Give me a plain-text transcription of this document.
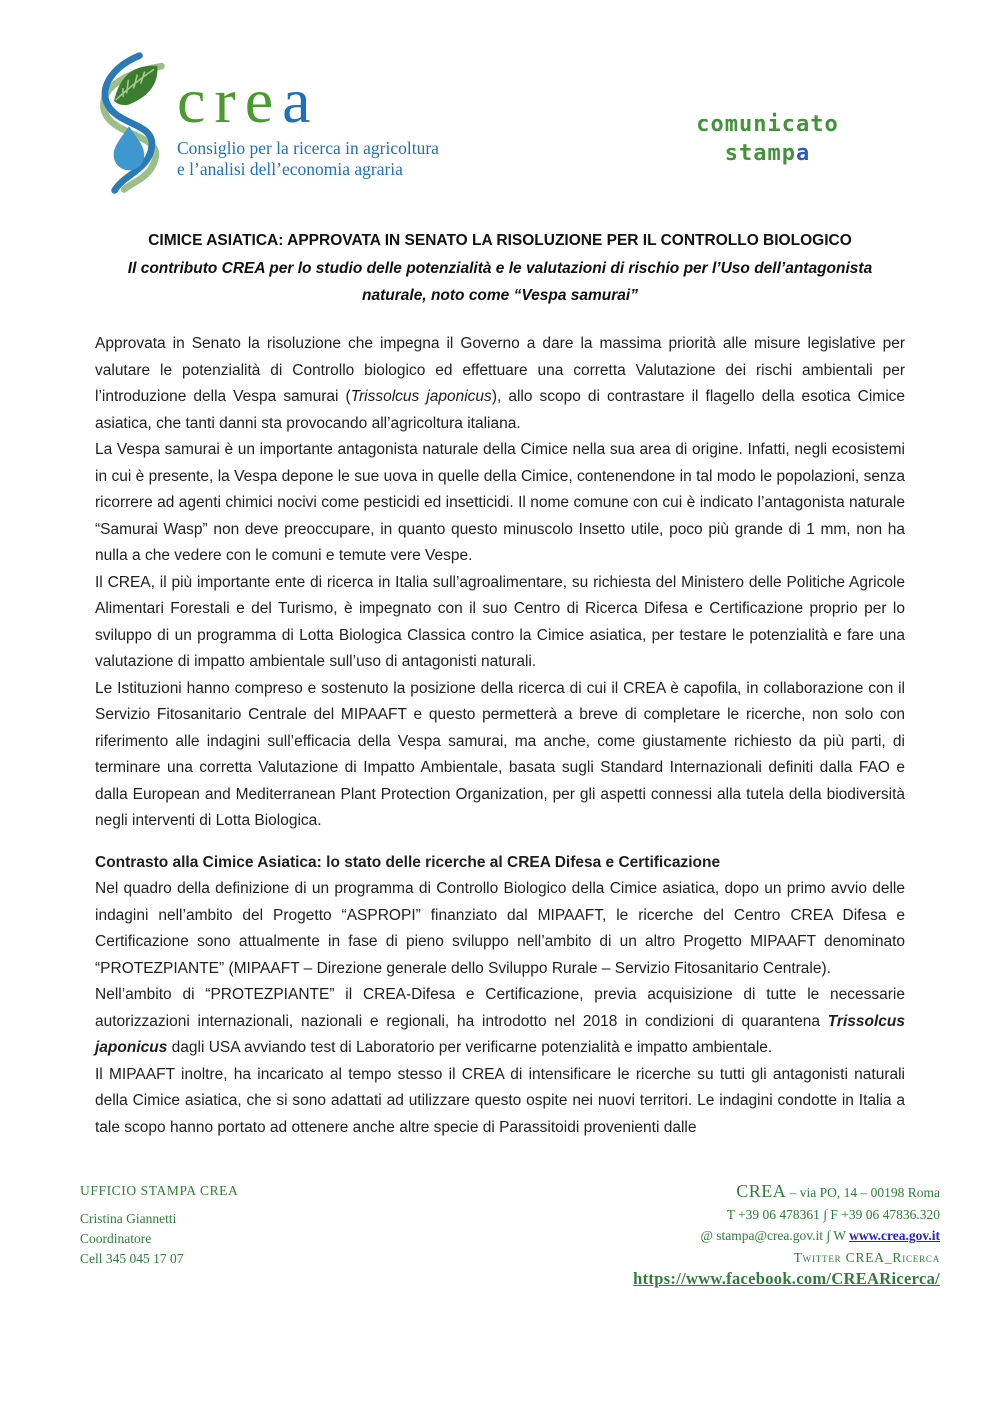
crea
Consiglio per la ricerca in agricoltura
e l’analisi dell’economia agraria
comunicato
stampa

CIMICE ASIATICA: APPROVATA IN SENATO LA RISOLUZIONE PER IL CONTROLLO BIOLOGICO

Il contributo CREA per lo studio delle potenzialità e le valutazioni di rischio per l’Uso dell’antagonista naturale, noto come “Vespa samurai”

Approvata in Senato la risoluzione che impegna il Governo a dare la massima priorità alle misure legislative per valutare le potenzialità di Controllo biologico ed effettuare una corretta Valutazione dei rischi ambientali per l’introduzione della Vespa samurai (Trissolcus japonicus), allo scopo di contrastare il flagello della esotica Cimice asiatica, che tanti danni sta provocando all’agricoltura italiana.

La Vespa samurai è un importante antagonista naturale della Cimice nella sua area di origine. Infatti, negli ecosistemi in cui è presente, la Vespa depone le sue uova in quelle della Cimice, contenendone in tal modo le popolazioni, senza ricorrere ad agenti chimici nocivi come pesticidi ed insetticidi. Il nome comune con cui è indicato l’antagonista naturale “Samurai Wasp” non deve preoccupare, in quanto questo minuscolo Insetto utile, poco più grande di 1 mm, non ha nulla a che vedere con le comuni e temute vere Vespe.

Il CREA, il più importante ente di ricerca in Italia sull’agroalimentare, su richiesta del Ministero delle Politiche Agricole Alimentari Forestali e del Turismo, è impegnato con il suo Centro di Ricerca Difesa e Certificazione proprio per lo sviluppo di un programma di Lotta Biologica Classica contro la Cimice asiatica, per testare le potenzialità e fare una valutazione di impatto ambientale sull’uso di antagonisti naturali.

Le Istituzioni hanno compreso e sostenuto la posizione della ricerca di cui il CREA è capofila, in collaborazione con il Servizio Fitosanitario Centrale del MIPAAFT e questo permetterà a breve di completare le ricerche, non solo con riferimento alle indagini sull’efficacia della Vespa samurai, ma anche, come giustamente richiesto da più parti, di terminare una corretta Valutazione di Impatto Ambientale, basata sugli Standard Internazionali definiti dalla FAO e dalla European and Mediterranean Plant Protection Organization, per gli aspetti connessi alla tutela della biodiversità negli interventi di Lotta Biologica.

Contrasto alla Cimice Asiatica: lo stato delle ricerche al CREA Difesa e Certificazione

Nel quadro della definizione di un programma di Controllo Biologico della Cimice asiatica, dopo un primo avvio delle indagini nell’ambito del Progetto “ASPROPI” finanziato dal MIPAAFT, le ricerche del Centro CREA Difesa e Certificazione sono attualmente in fase di pieno sviluppo nell’ambito di un altro Progetto MIPAAFT denominato “PROTEZPIANTE” (MIPAAFT – Direzione generale dello Sviluppo Rurale – Servizio Fitosanitario Centrale).

Nell’ambito di “PROTEZPIANTE” il CREA-Difesa e Certificazione, previa acquisizione di tutte le necessarie autorizzazioni internazionali, nazionali e regionali, ha introdotto nel 2018 in condizioni di quarantena Trissolcus japonicus dagli USA avviando test di Laboratorio per verificarne potenzialità e impatto ambientale.

Il MIPAAFT inoltre, ha incaricato al tempo stesso il CREA di intensificare le ricerche su tutti gli antagonisti naturali della Cimice asiatica, che si sono adattati ad utilizzare questo ospite nei nuovi territori. Le indagini condotte in Italia a tale scopo hanno portato ad ottenere anche altre specie di Parassitoidi provenienti dalle

UFFICIO STAMPA CREA
Cristina Giannetti
Coordinatore
Cell 345 045 17 07
CREA – via PO, 14 – 00198 Roma
T +39 06 478361 ∫ F +39 06 47836.320
@ stampa@crea.gov.it ∫ W www.crea.gov.it
Twitter CREA_Ricerca
https://www.facebook.com/CREARicerca/
